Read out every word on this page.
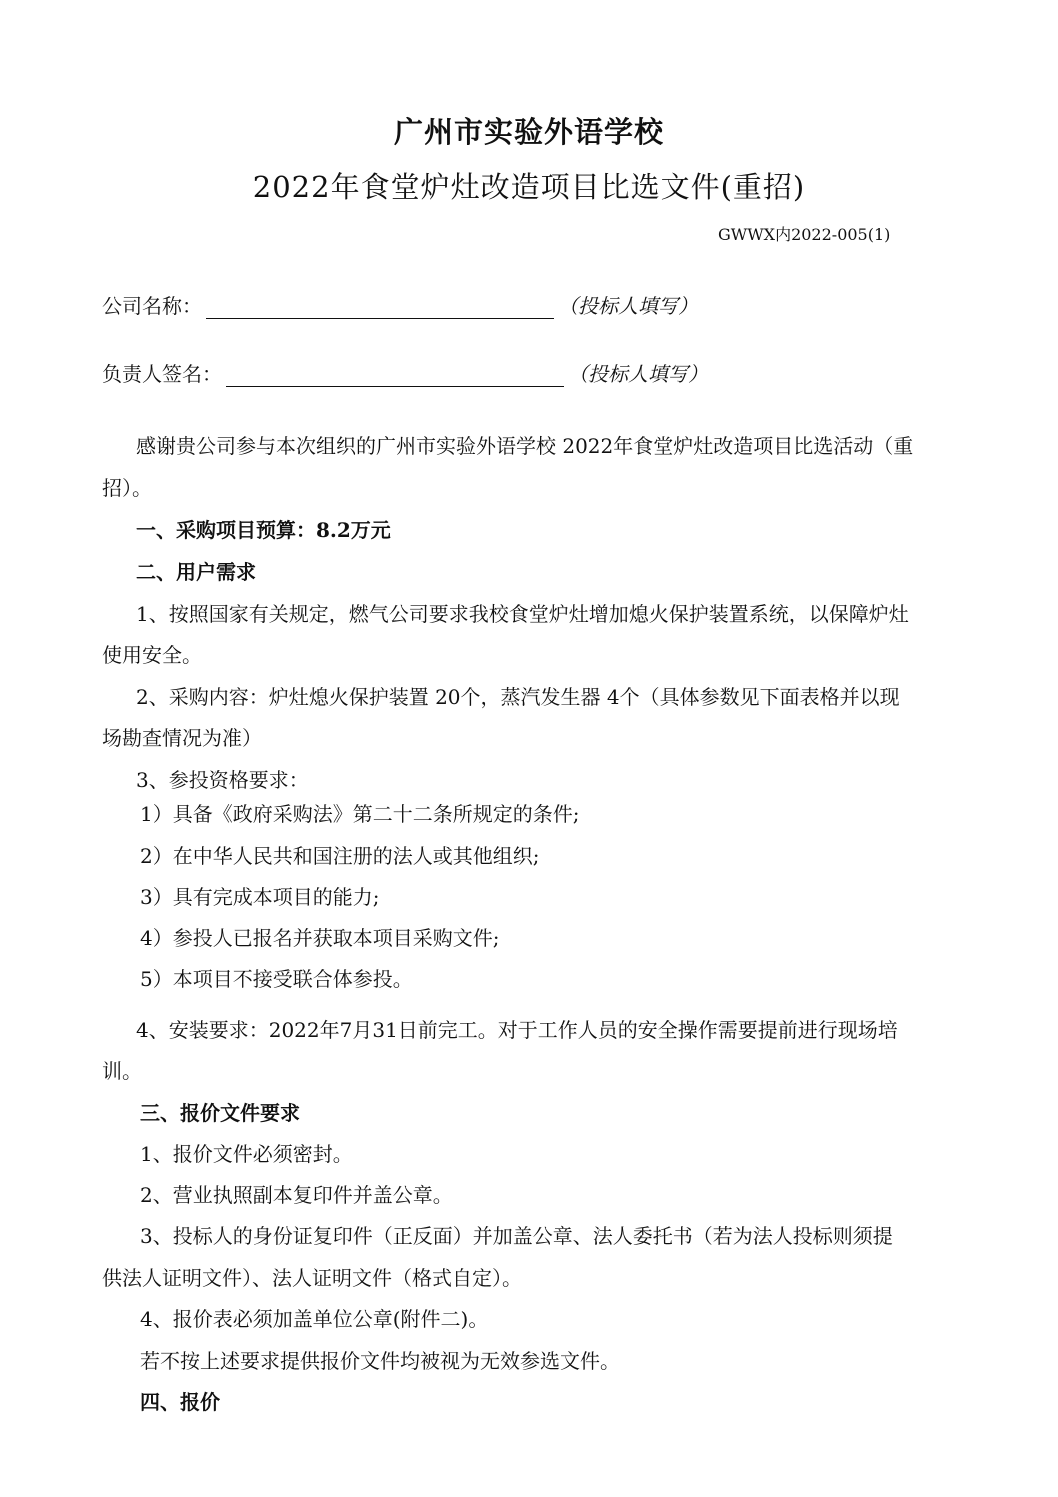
广州市实验外语学校
2022年食堂炉灶改造项目比选文件(重招)
GWWX内2022-005(1)
公司名称：	（投标人填写）
负责人签名：	（投标人填写）
感谢贵公司参与本次组织的广州市实验外语学校 2022年食堂炉灶改造项目比选活动（重
招）。
一、采购项目预算：8.2万元
二、用户需求
1、按照国家有关规定，燃气公司要求我校食堂炉灶增加熄火保护装置系统，以保障炉灶
使用安全。
2、采购内容：炉灶熄火保护装置 20个，蒸汽发生器 4个（具体参数见下面表格并以现
场勘查情况为准）
3、参投资格要求：
1）具备《政府采购法》第二十二条所规定的条件;
2）在中华人民共和国注册的法人或其他组织;
3）具有完成本项目的能力;
4）参投人已报名并获取本项目采购文件;
5）本项目不接受联合体参投。
4、安装要求：2022年7月31日前完工。对于工作人员的安全操作需要提前进行现场培
训。
三、报价文件要求
1、报价文件必须密封。
2、营业执照副本复印件并盖公章。
3、投标人的身份证复印件（正反面）并加盖公章、法人委托书（若为法人投标则须提
供法人证明文件）、法人证明文件（格式自定）。
4、报价表必须加盖单位公章(附件二)。
若不按上述要求提供报价文件均被视为无效参选文件。
四、报价
